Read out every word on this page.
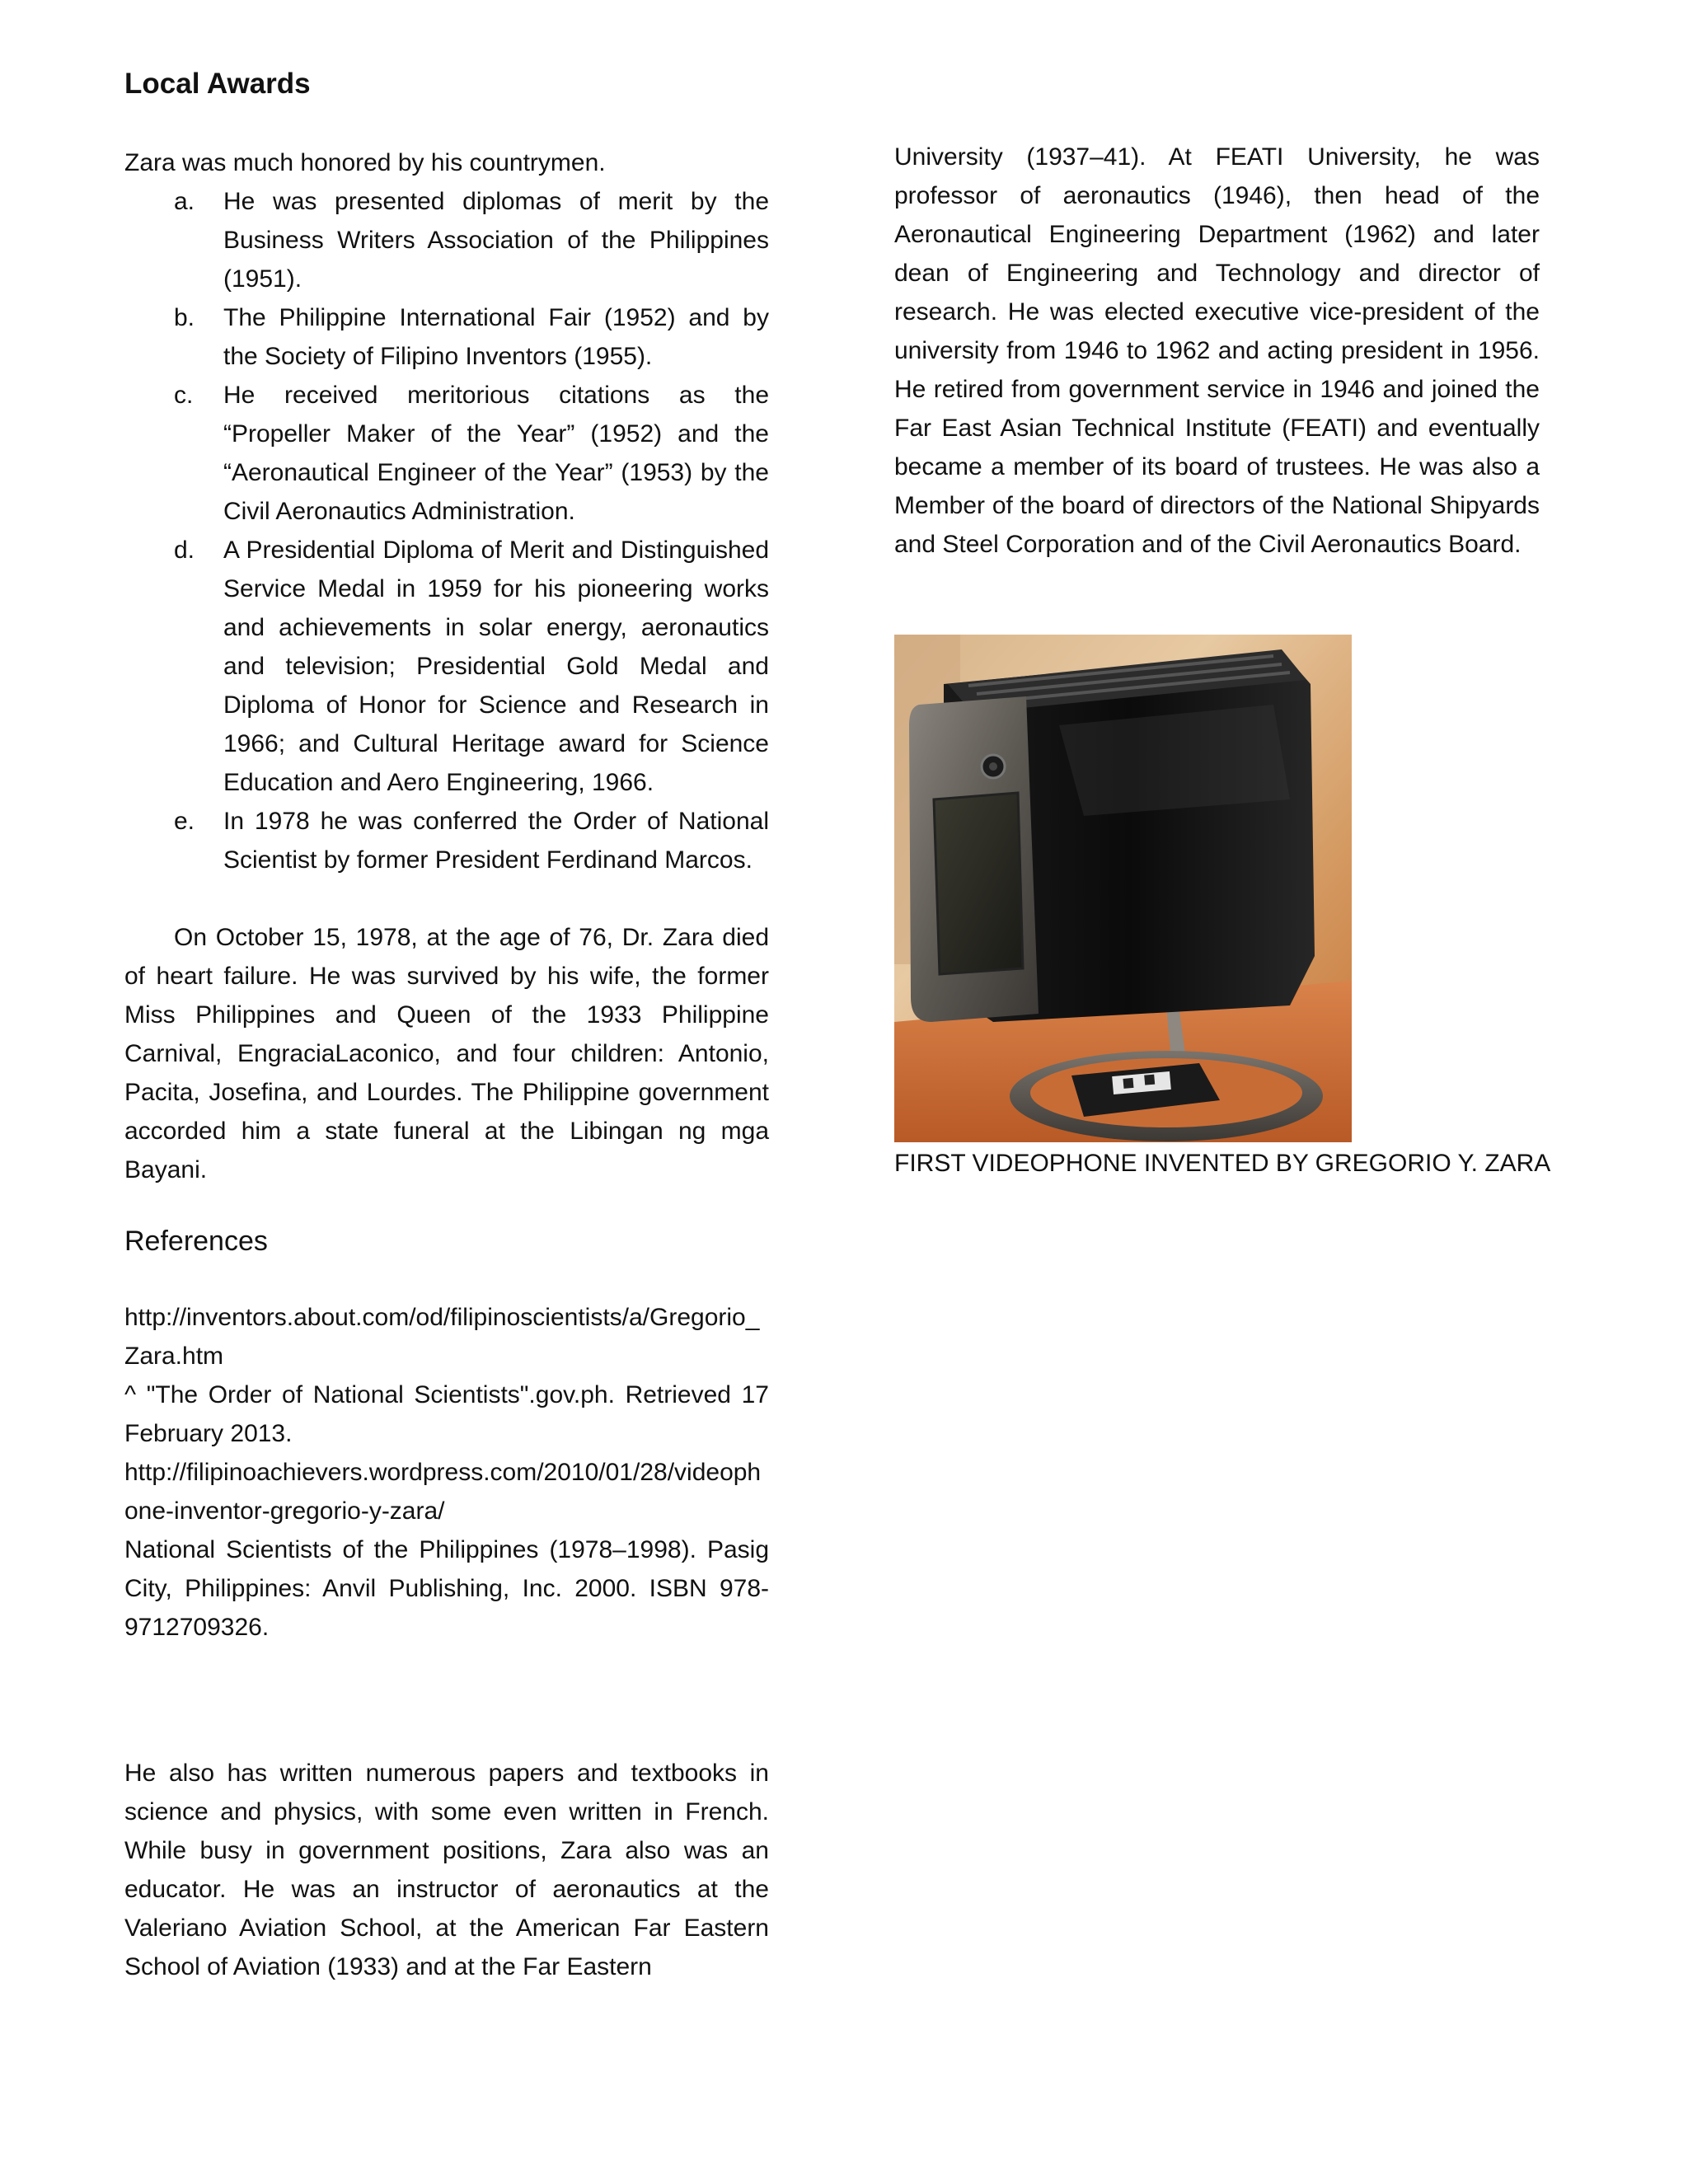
Local Awards

Zara was much honored by his countrymen.

a.	He was presented diplomas of merit by the Business Writers Association of the Philippines (1951).
b.	The Philippine International Fair (1952) and by the Society of Filipino Inventors (1955).
c.	He received meritorious citations as the “Propeller Maker of the Year” (1952) and the “Aeronautical Engineer of the Year” (1953) by the Civil Aeronautics Administration.
d.	A Presidential Diploma of Merit and Distinguished Service Medal in 1959 for his pioneering works and achievements in solar energy, aeronautics and television; Presidential Gold Medal and Diploma of Honor for Science and Research in 1966; and Cultural Heritage award for Science Education and Aero Engineering, 1966.
e.	In 1978 he was conferred the Order of National Scientist by former President Ferdinand Marcos.

On October 15, 1978, at the age of 76, Dr. Zara died of heart failure. He was survived by his wife, the former Miss Philippines and Queen of the 1933 Philippine Carnival, EngraciaLaconico, and four children: Antonio, Pacita, Josefina, and Lourdes. The Philippine government accorded him a state funeral at the Libingan ng mga Bayani.

References

http://inventors.about.com/od/filipinoscientists/a/Gregorio_Zara.htm

^ "The Order of National Scientists".gov.ph. Retrieved 17 February 2013.

http://filipinoachievers.wordpress.com/2010/01/28/videophone-inventor-gregorio-y-zara/

National Scientists of the Philippines (1978–1998). Pasig City, Philippines: Anvil Publishing, Inc. 2000. ISBN 978-9712709326.

He also has written numerous papers and textbooks in science and physics, with some even written in French. While busy in government positions, Zara also was an educator. He was an instructor of aeronautics at the Valeriano Aviation School, at the American Far Eastern School of Aviation (1933) and at the Far Eastern

University (1937–41). At FEATI University, he was professor of aeronautics (1946), then head of the Aeronautical Engineering Department (1962) and later dean of Engineering and Technology and director of research. He was elected executive vice-president of the university from 1946 to 1962 and acting president in 1956. He retired from government service in 1946 and joined the Far East Asian Technical Institute (FEATI) and eventually became a member of its board of trustees. He was also a Member of the board of directors of the National Shipyards and Steel Corporation and of the Civil Aeronautics Board.

FIRST VIDEOPHONE INVENTED BY GREGORIO Y. ZARA
